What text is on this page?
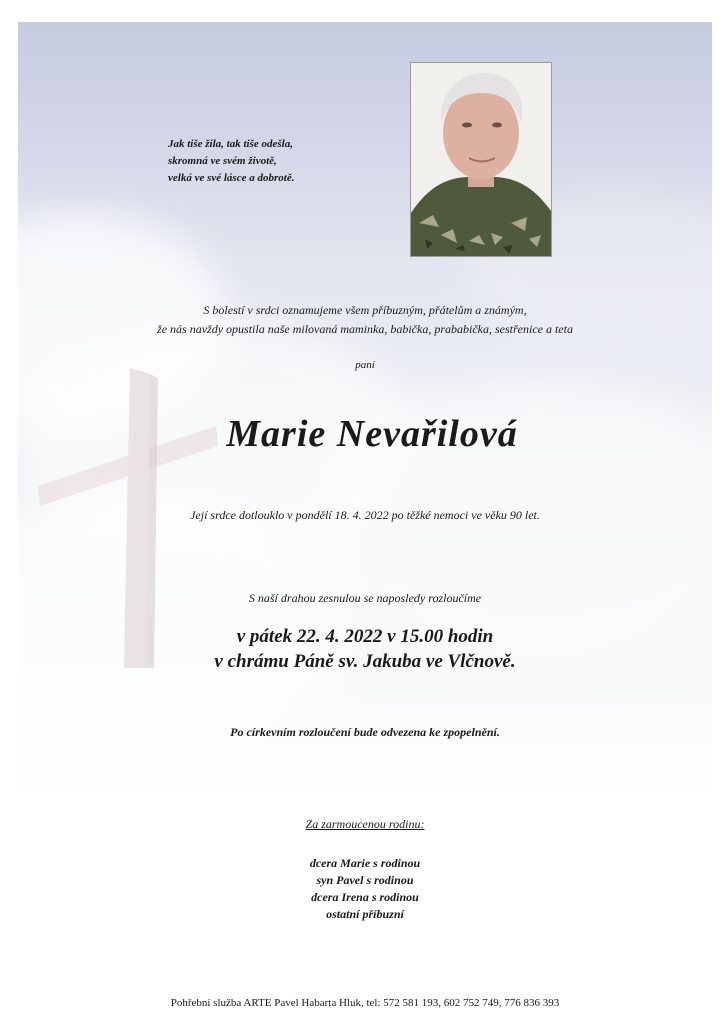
Jak tiše žila, tak tiše odešla,
skromná ve svém životě,
velká ve své lásce a dobrotě.
S bolestí v srdci oznamujeme všem příbuzným, přátelům a známým,
že nás navždy opustila naše milovaná maminka, babička, prababička, sestřenice a teta
paní
Marie Nevařilová
Její srdce dotlouklo v pondělí 18. 4. 2022 po těžké nemoci ve věku 90 let.
S naší drahou zesnulou se naposledy rozloučíme
v pátek 22. 4. 2022 v 15.00 hodin
v chrámu Páně sv. Jakuba ve Vlčnově.
Po církevním rozloučení bude odvezena ke zpopelnění.
Za zarmoucenou rodinu:
dcera Marie s rodinou
syn Pavel s rodinou
dcera Irena s rodinou
ostatní příbuzní
Pohřební služba ARTE Pavel Habarta Hluk, tel: 572 581 193, 602 752 749, 776 836 393
